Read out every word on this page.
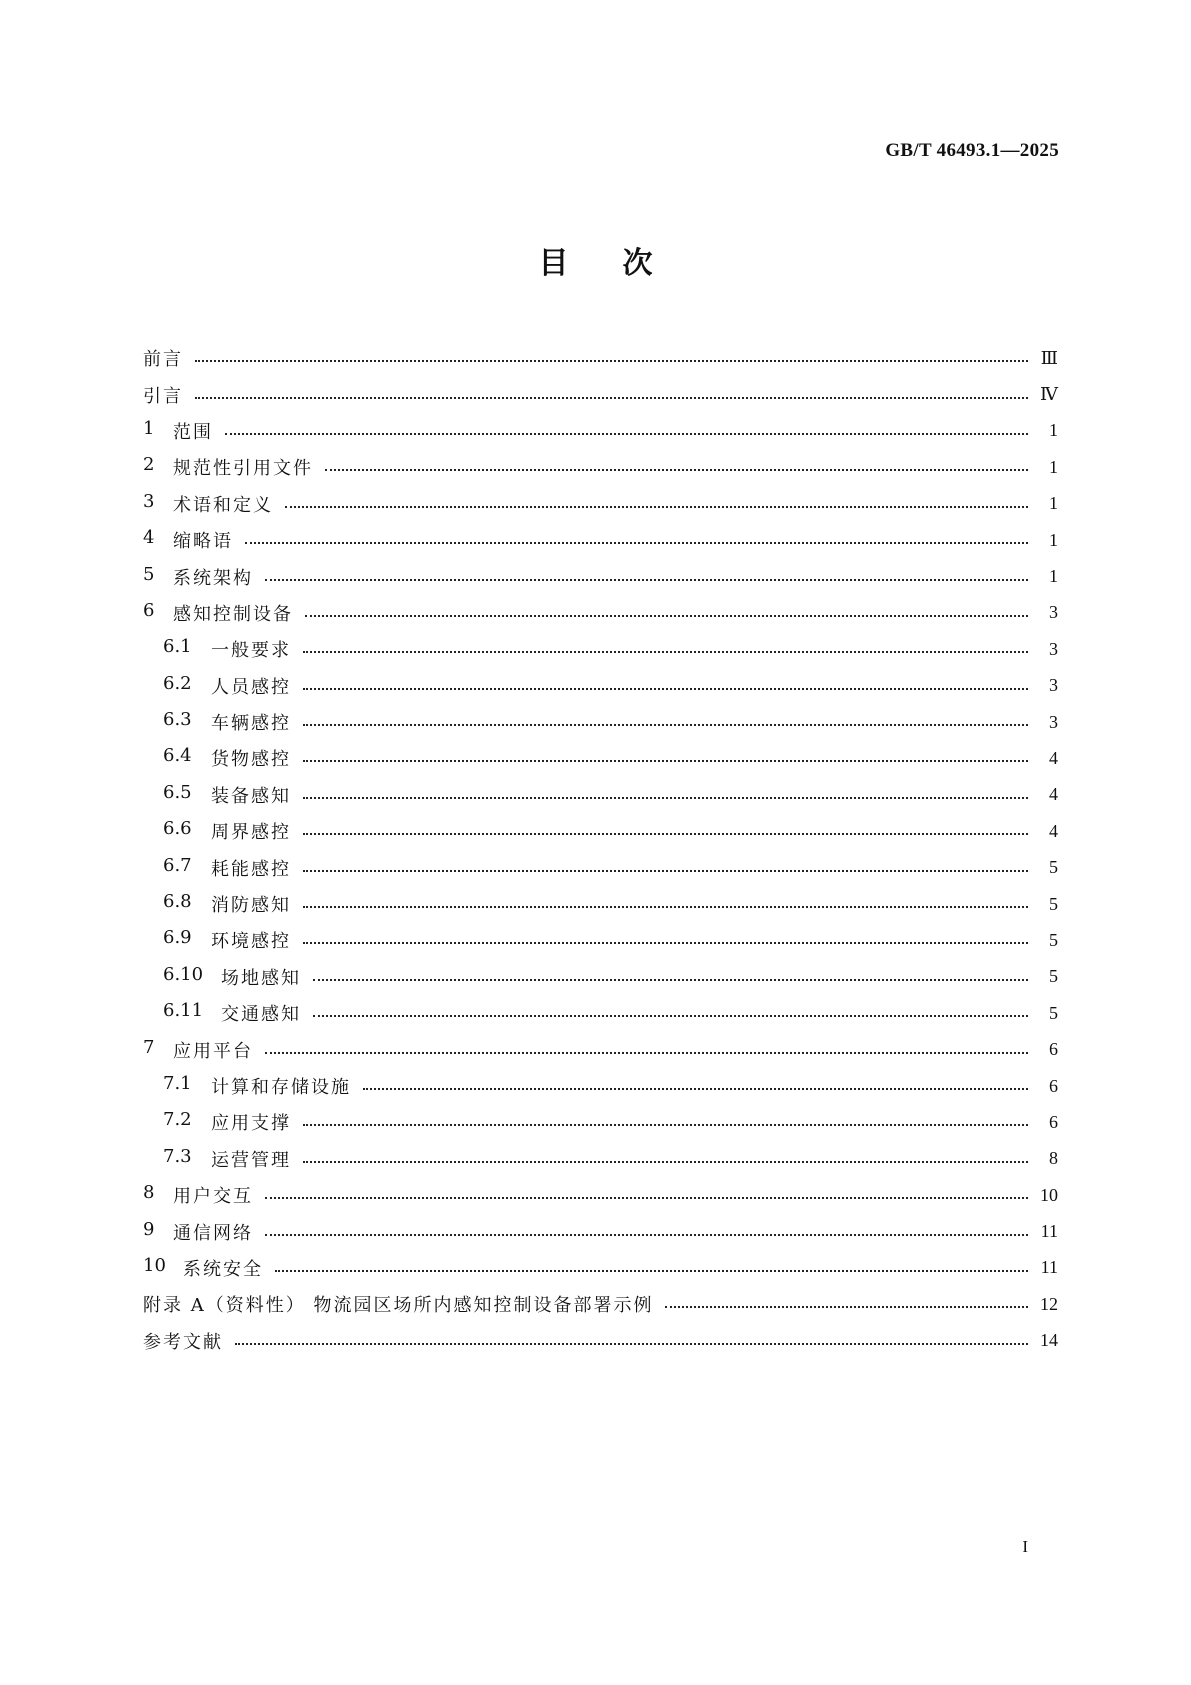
GB/T 46493.1—2025
目次
前言	Ⅲ
引言	Ⅳ
1	范围	1
2	规范性引用文件	1
3	术语和定义	1
4	缩略语	1
5	系统架构	1
6	感知控制设备	3
6.1	一般要求	3
6.2	人员感控	3
6.3	车辆感控	3
6.4	货物感控	4
6.5	装备感知	4
6.6	周界感控	4
6.7	耗能感控	5
6.8	消防感知	5
6.9	环境感控	5
6.10 场地感知	5
6.11 交通感知	5
7	应用平台	6
7.1	计算和存储设施	6
7.2	应用支撑	6
7.3	运营管理	8
8	用户交互	10
9	通信网络	11
10 系统安全	11
附录 A（资料性） 物流园区场所内感知控制设备部署示例	12
参考文献	14
I
